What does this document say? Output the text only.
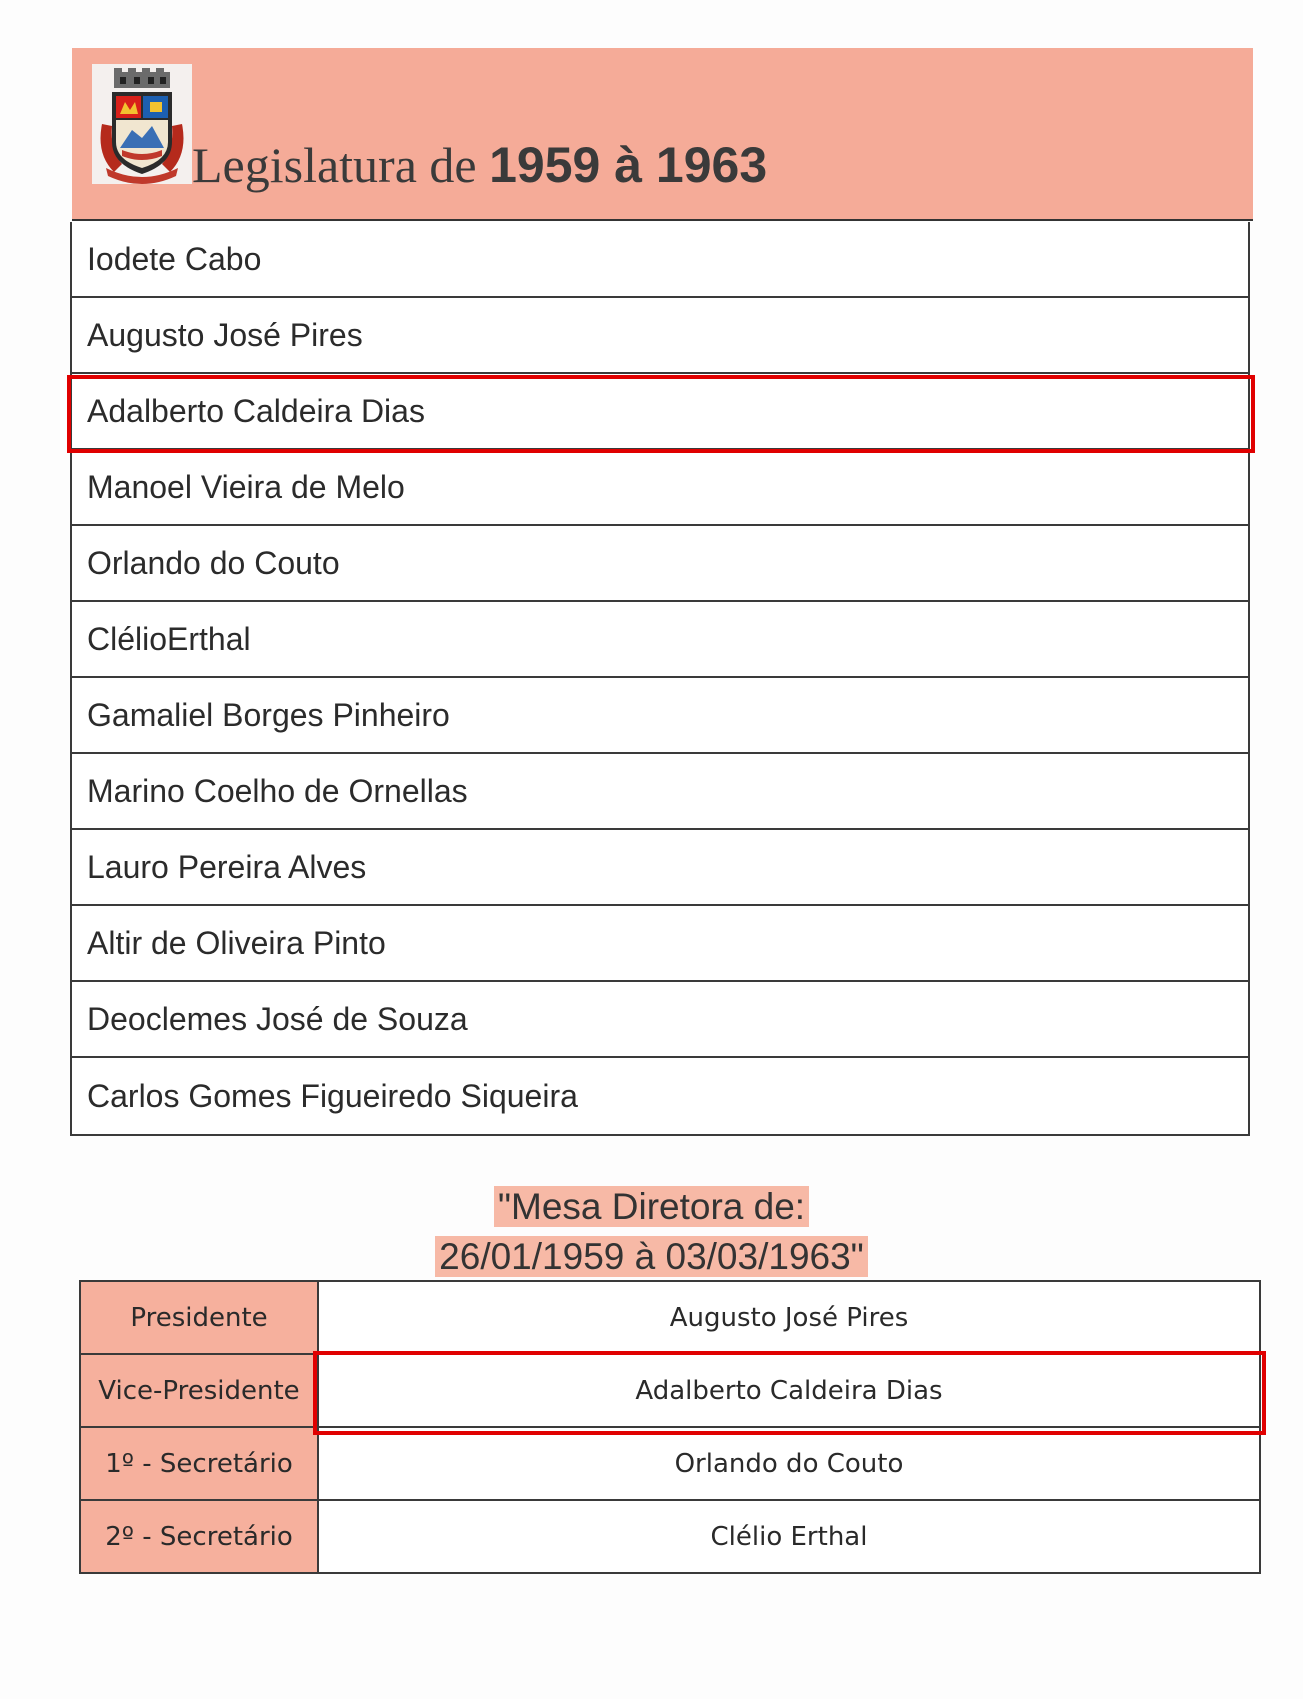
Legislatura de 1959 à 1963
Iodete Cabo
Augusto José Pires
Adalberto Caldeira Dias
Manoel Vieira de Melo
Orlando do Couto
ClélioErthal
Gamaliel Borges Pinheiro
Marino Coelho de Ornellas
Lauro Pereira Alves
Altir de Oliveira Pinto
Deoclemes José de Souza
Carlos Gomes Figueiredo Siqueira
"Mesa Diretora de:
26/01/1959 à 03/03/1963"
Presidente	Augusto José Pires
Vice-Presidente	Adalberto Caldeira Dias
1º - Secretário	Orlando do Couto
2º - Secretário	Clélio Erthal
